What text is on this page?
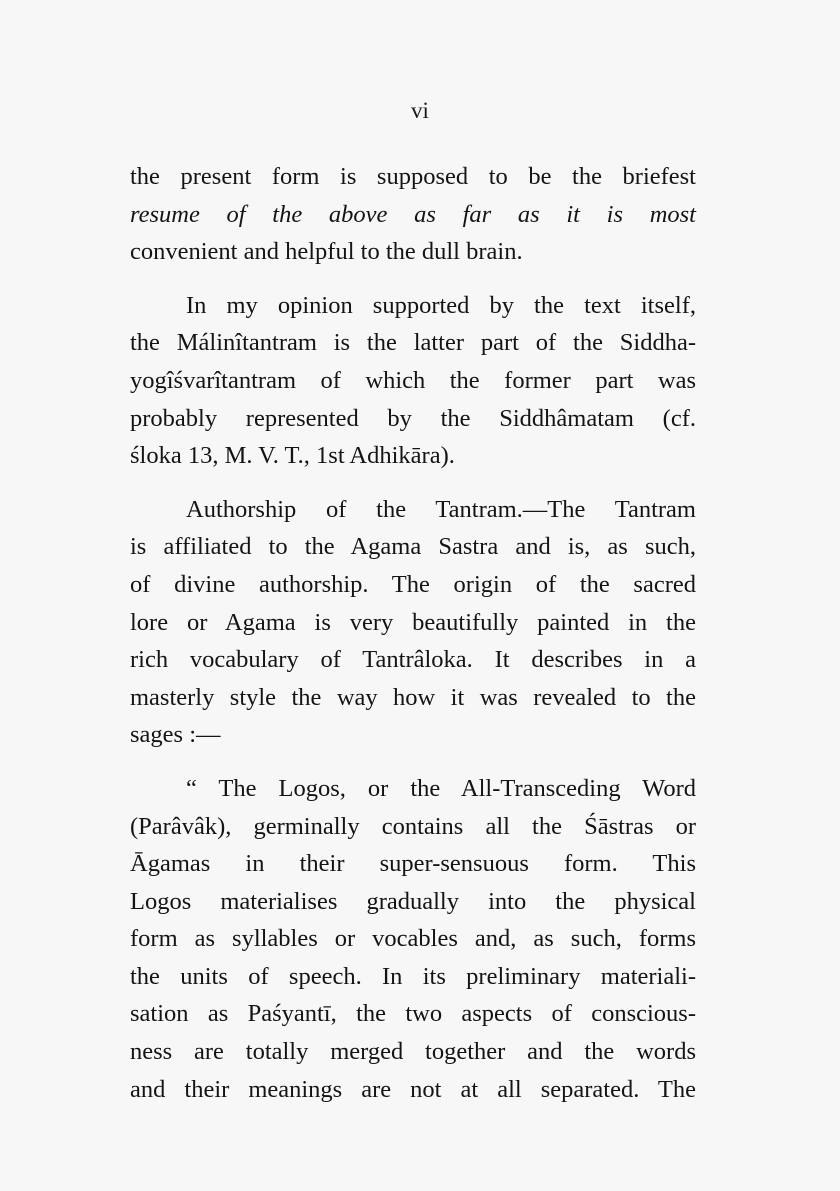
vi

the present form is supposed to be the briefest
resume of the above as far as it is most
convenient and helpful to the dull brain.

In my opinion supported by the text itself,
the Málinîtantram is the latter part of the Siddha-
yogîśvarîtantram of which the former part was
probably represented by the Siddhâmatam (cf.
śloka 13, M. V. T., 1st Adhikāra).

Authorship of the Tantram.—The Tantram
is affiliated to the Agama Sastra and is, as such,
of divine authorship. The origin of the sacred
lore or Agama is very beautifully painted in the
rich vocabulary of Tantrâloka. It describes in a
masterly style the way how it was revealed to the
sages :—

“ The Logos, or the All-Transceding Word
(Parâvâk), germinally contains all the Śāstras or
Āgamas in their super-sensuous form. This
Logos materialises gradually into the physical
form as syllables or vocables and, as such, forms
the units of speech. In its preliminary materiali-
sation as Paśyantī, the two aspects of conscious-
ness are totally merged together and the words
and their meanings are not at all separated. The
